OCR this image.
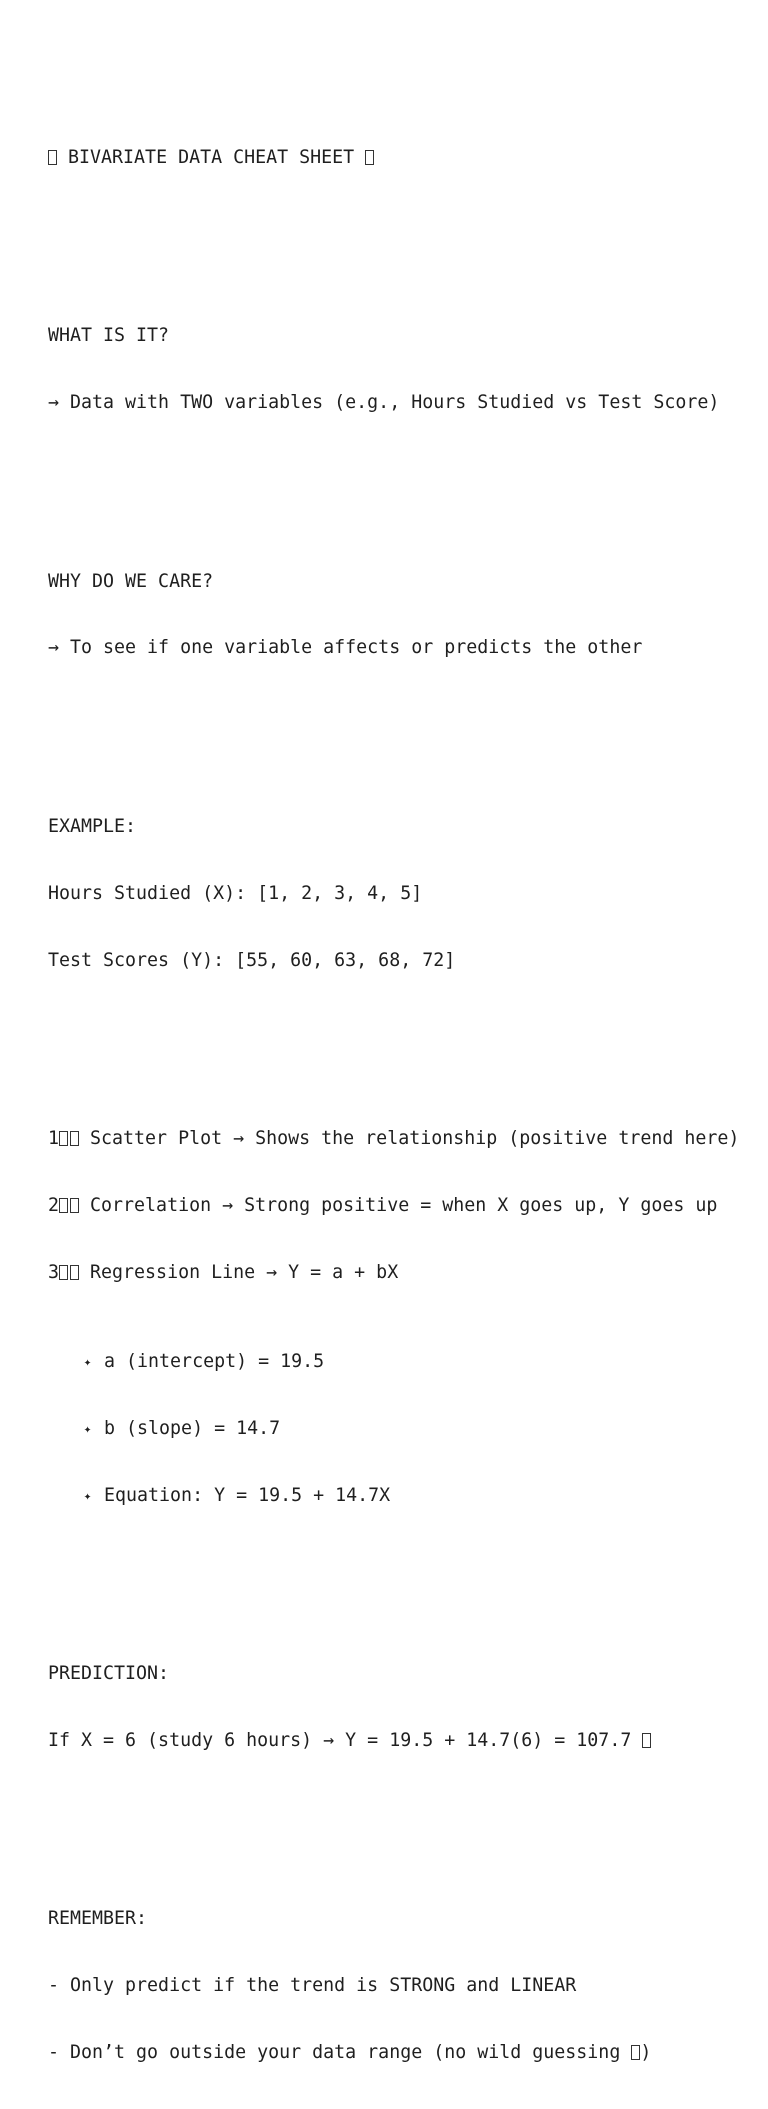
BIVARIATE DATA CHEAT SHEET

WHAT IS IT?

→ Data with TWO variables (e.g., Hours Studied vs Test Score)

WHY DO WE CARE?

→ To see if one variable affects or predicts the other

EXAMPLE:

Hours Studied (X): [1, 2, 3, 4, 5]

Test Scores (Y): [55, 60, 63, 68, 72]

1 Scatter Plot → Shows the relationship (positive trend here)

2 Correlation → Strong positive = when X goes up, Y goes up

3 Regression Line → Y = a + bX

✦ a (intercept) = 19.5

✦ b (slope) = 14.7

✦ Equation: Y = 19.5 + 14.7X

PREDICTION:

If X = 6 (study 6 hours) → Y = 19.5 + 14.7(6) = 107.7

REMEMBER:

- Only predict if the trend is STRONG and LINEAR

- Don’t go outside your data range (no wild guessing )
